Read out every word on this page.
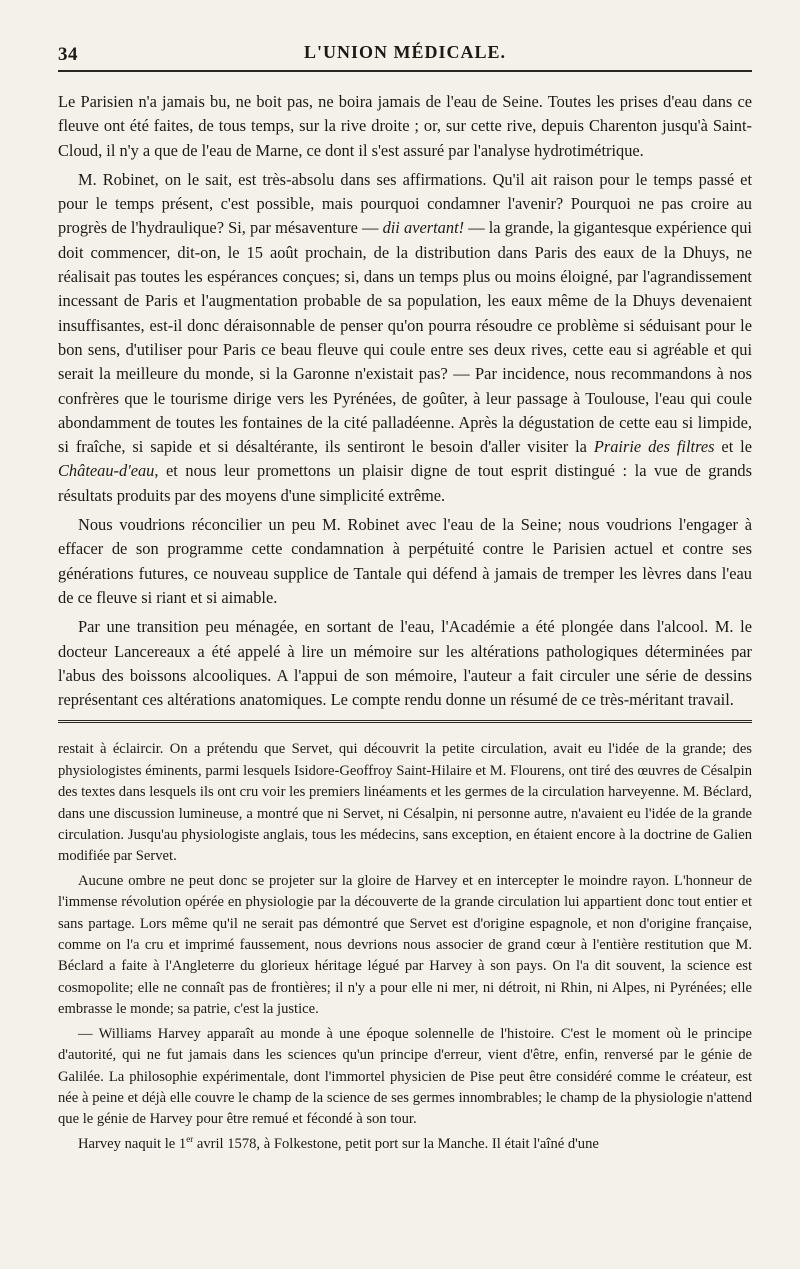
34	L'UNION MÉDICALE.

Le Parisien n'a jamais bu, ne boit pas, ne boira jamais de l'eau de Seine. Toutes les prises d'eau dans ce fleuve ont été faites, de tous temps, sur la rive droite ; or, sur cette rive, depuis Charenton jusqu'à Saint-Cloud, il n'y a que de l'eau de Marne, ce dont il s'est assuré par l'analyse hydrotimétrique.

M. Robinet, on le sait, est très-absolu dans ses affirmations. Qu'il ait raison pour le temps passé et pour le temps présent, c'est possible, mais pourquoi condamner l'avenir? Pourquoi ne pas croire au progrès de l'hydraulique? Si, par mésaventure — dii avertant! — la grande, la gigantesque expérience qui doit commencer, dit-on, le 15 août prochain, de la distribution dans Paris des eaux de la Dhuys, ne réalisait pas toutes les espérances conçues; si, dans un temps plus ou moins éloigné, par l'agrandissement incessant de Paris et l'augmentation probable de sa population, les eaux même de la Dhuys devenaient insuffisantes, est-il donc déraisonnable de penser qu'on pourra résoudre ce problème si séduisant pour le bon sens, d'utiliser pour Paris ce beau fleuve qui coule entre ses deux rives, cette eau si agréable et qui serait la meilleure du monde, si la Garonne n'existait pas? — Par incidence, nous recommandons à nos confrères que le tourisme dirige vers les Pyrénées, de goûter, à leur passage à Toulouse, l'eau qui coule abondamment de toutes les fontaines de la cité palladéenne. Après la dégustation de cette eau si limpide, si fraîche, si sapide et si désaltérante, ils sentiront le besoin d'aller visiter la Prairie des filtres et le Château-d'eau, et nous leur promettons un plaisir digne de tout esprit distingué : la vue de grands résultats produits par des moyens d'une simplicité extrême.

Nous voudrions réconcilier un peu M. Robinet avec l'eau de la Seine; nous voudrions l'engager à effacer de son programme cette condamnation à perpétuité contre le Parisien actuel et contre ses générations futures, ce nouveau supplice de Tantale qui défend à jamais de tremper les lèvres dans l'eau de ce fleuve si riant et si aimable.

Par une transition peu ménagée, en sortant de l'eau, l'Académie a été plongée dans l'alcool. M. le docteur Lancereaux a été appelé à lire un mémoire sur les altérations pathologiques déterminées par l'abus des boissons alcooliques. A l'appui de son mémoire, l'auteur a fait circuler une série de dessins représentant ces altérations anatomiques. Le compte rendu donne un résumé de ce très-méritant travail.

restait à éclaircir. On a prétendu que Servet, qui découvrit la petite circulation, avait eu l'idée de la grande; des physiologistes éminents, parmi lesquels Isidore-Geoffroy Saint-Hilaire et M. Flourens, ont tiré des œuvres de Césalpin des textes dans lesquels ils ont cru voir les premiers linéaments et les germes de la circulation harveyenne. M. Béclard, dans une discussion lumineuse, a montré que ni Servet, ni Césalpin, ni personne autre, n'avaient eu l'idée de la grande circulation. Jusqu'au physiologiste anglais, tous les médecins, sans exception, en étaient encore à la doctrine de Galien modifiée par Servet.

Aucune ombre ne peut donc se projeter sur la gloire de Harvey et en intercepter le moindre rayon. L'honneur de l'immense révolution opérée en physiologie par la découverte de la grande circulation lui appartient donc tout entier et sans partage. Lors même qu'il ne serait pas démontré que Servet est d'origine espagnole, et non d'origine française, comme on l'a cru et imprimé faussement, nous devrions nous associer de grand cœur à l'entière restitution que M. Béclard a faite à l'Angleterre du glorieux héritage légué par Harvey à son pays. On l'a dit souvent, la science est cosmopolite; elle ne connaît pas de frontières; il n'y a pour elle ni mer, ni détroit, ni Rhin, ni Alpes, ni Pyrénées; elle embrasse le monde; sa patrie, c'est la justice.

— Williams Harvey apparaît au monde à une époque solennelle de l'histoire. C'est le moment où le principe d'autorité, qui ne fut jamais dans les sciences qu'un principe d'erreur, vient d'être, enfin, renversé par le génie de Galilée. La philosophie expérimentale, dont l'immortel physicien de Pise peut être considéré comme le créateur, est née à peine et déjà elle couvre le champ de la science de ses germes innombrables; le champ de la physiologie n'attend que le génie de Harvey pour être remué et fécondé à son tour.

Harvey naquit le 1er avril 1578, à Folkestone, petit port sur la Manche. Il était l'aîné d'une
